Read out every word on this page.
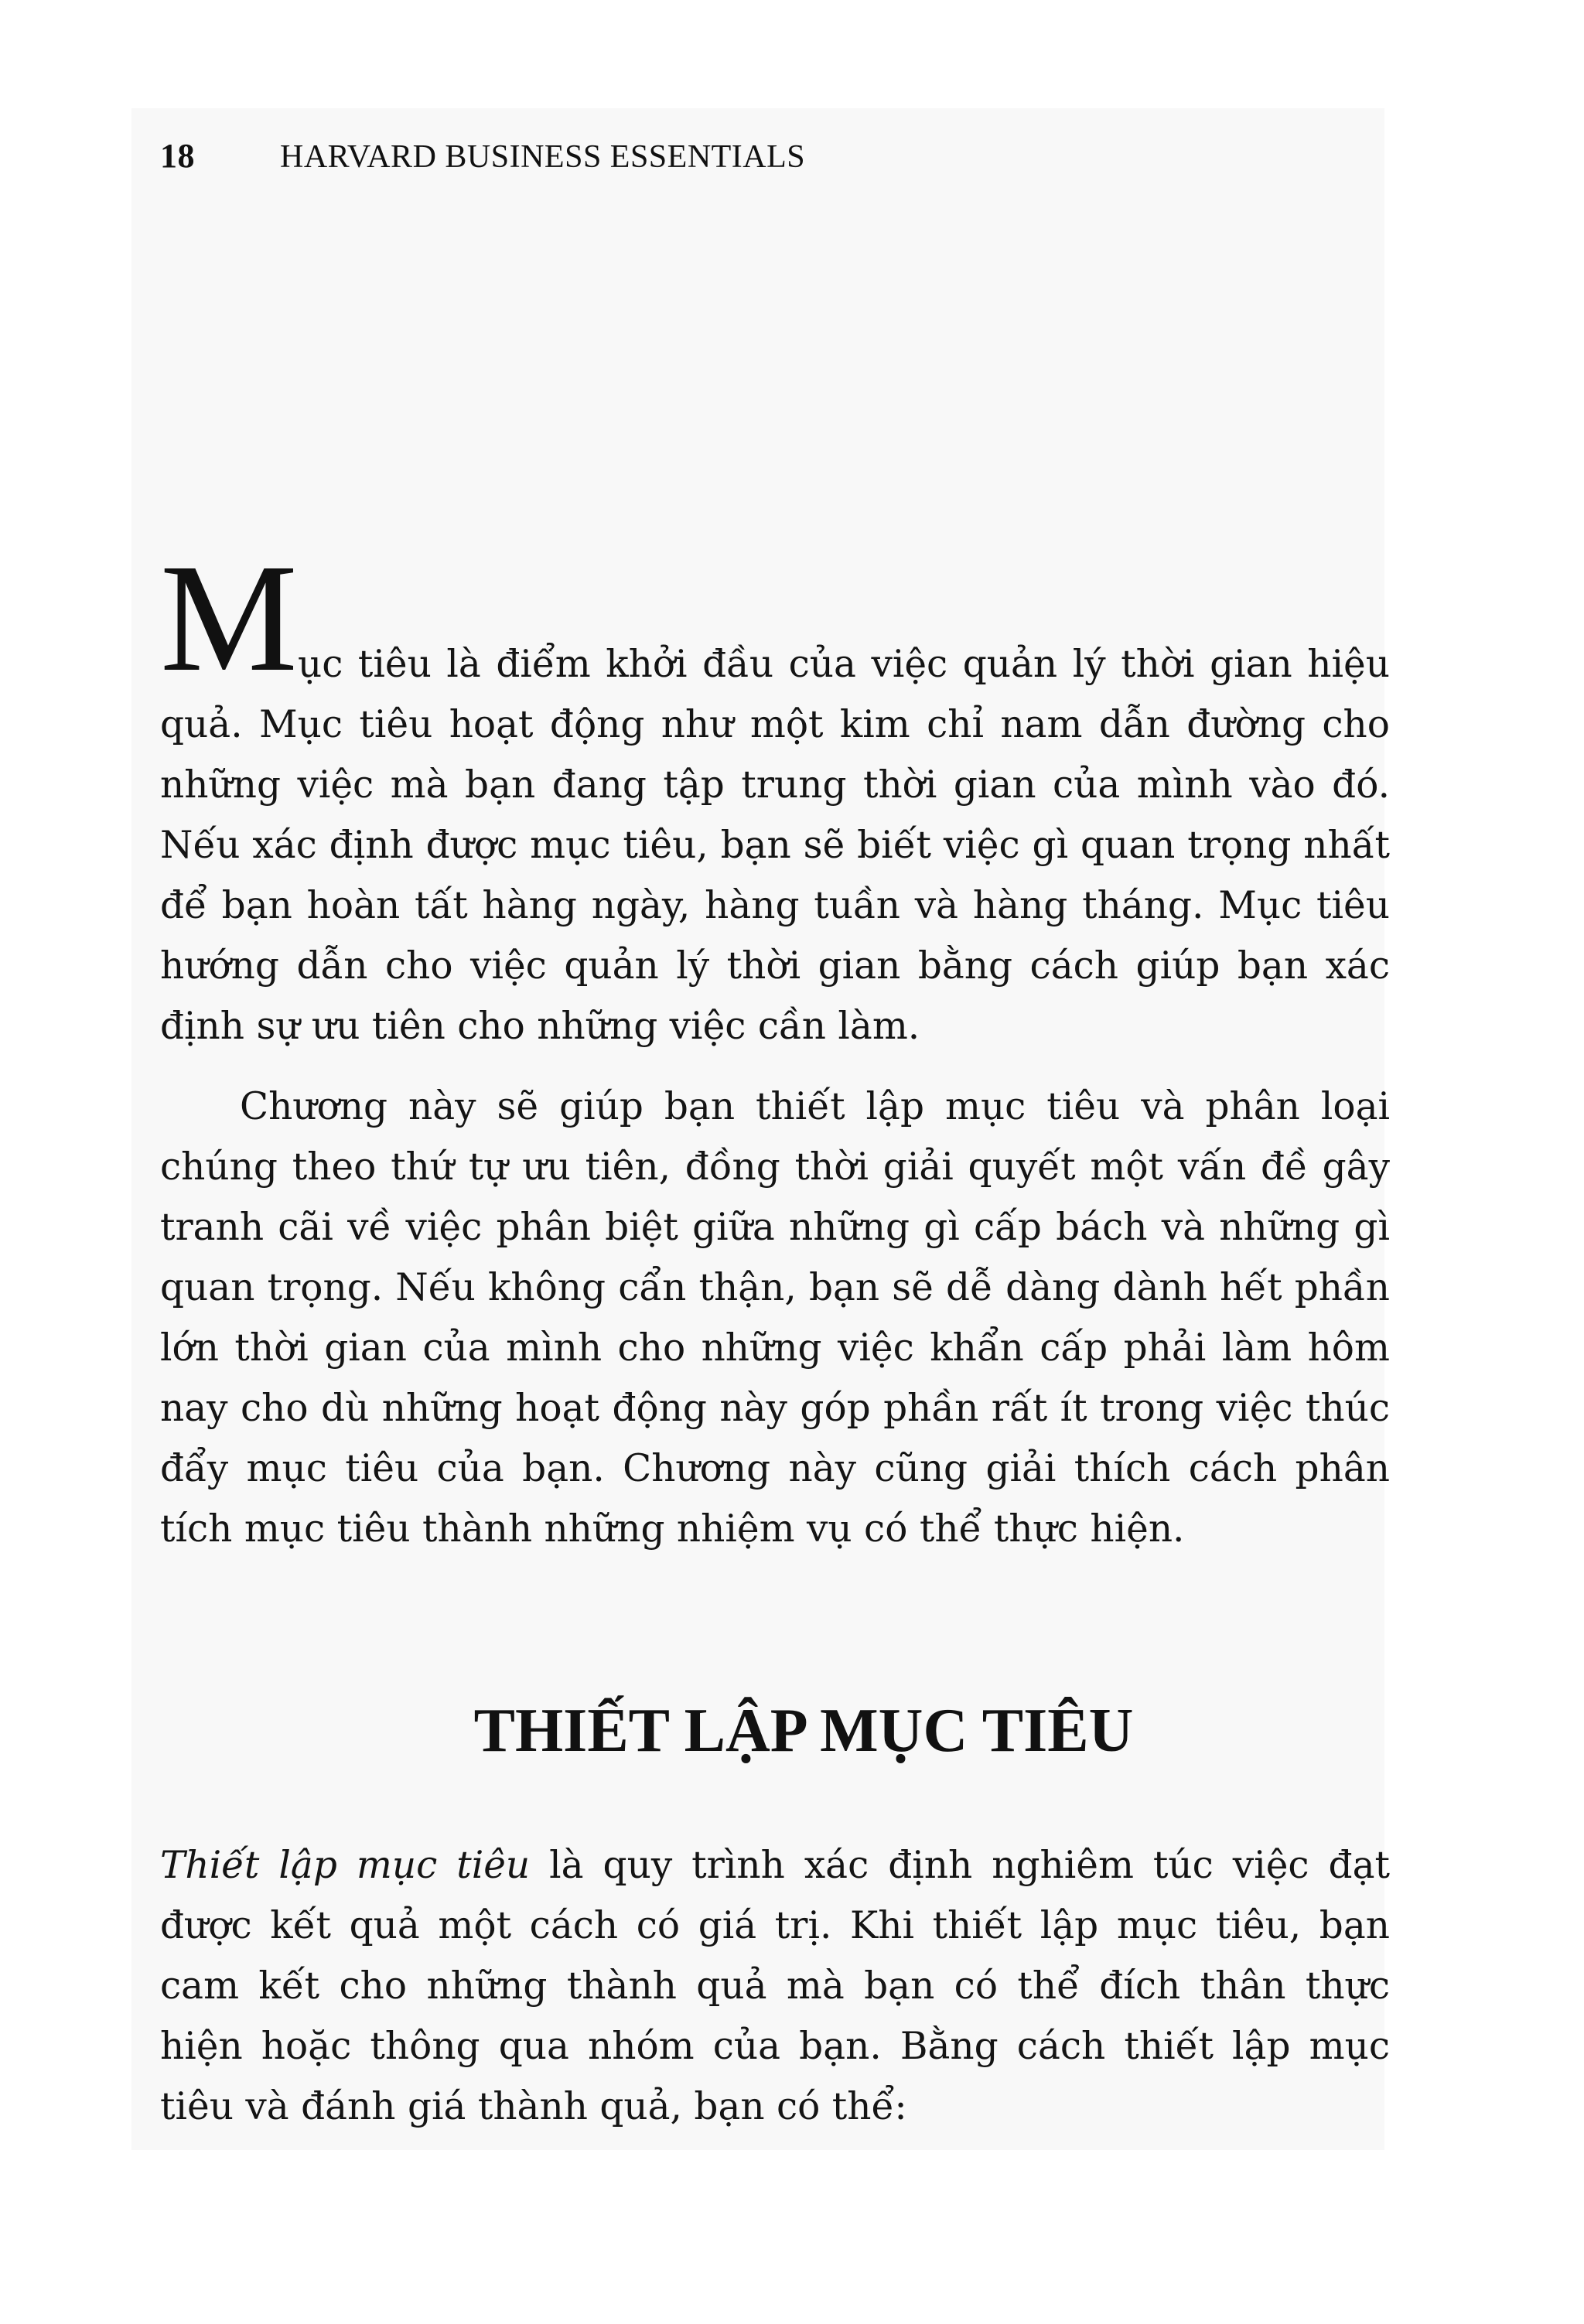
18	HARVARD BUSINESS ESSENTIALS
M ục tiêu là điểm khởi đầu của việc quản lý thời gian hiệu quả. Mục tiêu hoạt động như một kim chỉ nam dẫn đường cho những việc mà bạn đang tập trung thời gian của mình vào đó. Nếu xác định được mục tiêu, bạn sẽ biết việc gì quan trọng nhất để bạn hoàn tất hàng ngày, hàng tuần và hàng tháng. Mục tiêu hướng dẫn cho việc quản lý thời gian bằng cách giúp bạn xác định sự ưu tiên cho những việc cần làm.

Chương này sẽ giúp bạn thiết lập mục tiêu và phân loại chúng theo thứ tự ưu tiên, đồng thời giải quyết một vấn đề gây tranh cãi về việc phân biệt giữa những gì cấp bách và những gì quan trọng. Nếu không cẩn thận, bạn sẽ dễ dàng dành hết phần lớn thời gian của mình cho những việc khẩn cấp phải làm hôm nay cho dù những hoạt động này góp phần rất ít trong việc thúc đẩy mục tiêu của bạn. Chương này cũng giải thích cách phân tích mục tiêu thành những nhiệm vụ có thể thực hiện.

THIẾT LẬP MỤC TIÊU

Thiết lập mục tiêu là quy trình xác định nghiêm túc việc đạt được kết quả một cách có giá trị. Khi thiết lập mục tiêu, bạn cam kết cho những thành quả mà bạn có thể đích thân thực hiện hoặc thông qua nhóm của bạn. Bằng cách thiết lập mục tiêu và đánh giá thành quả, bạn có thể:
